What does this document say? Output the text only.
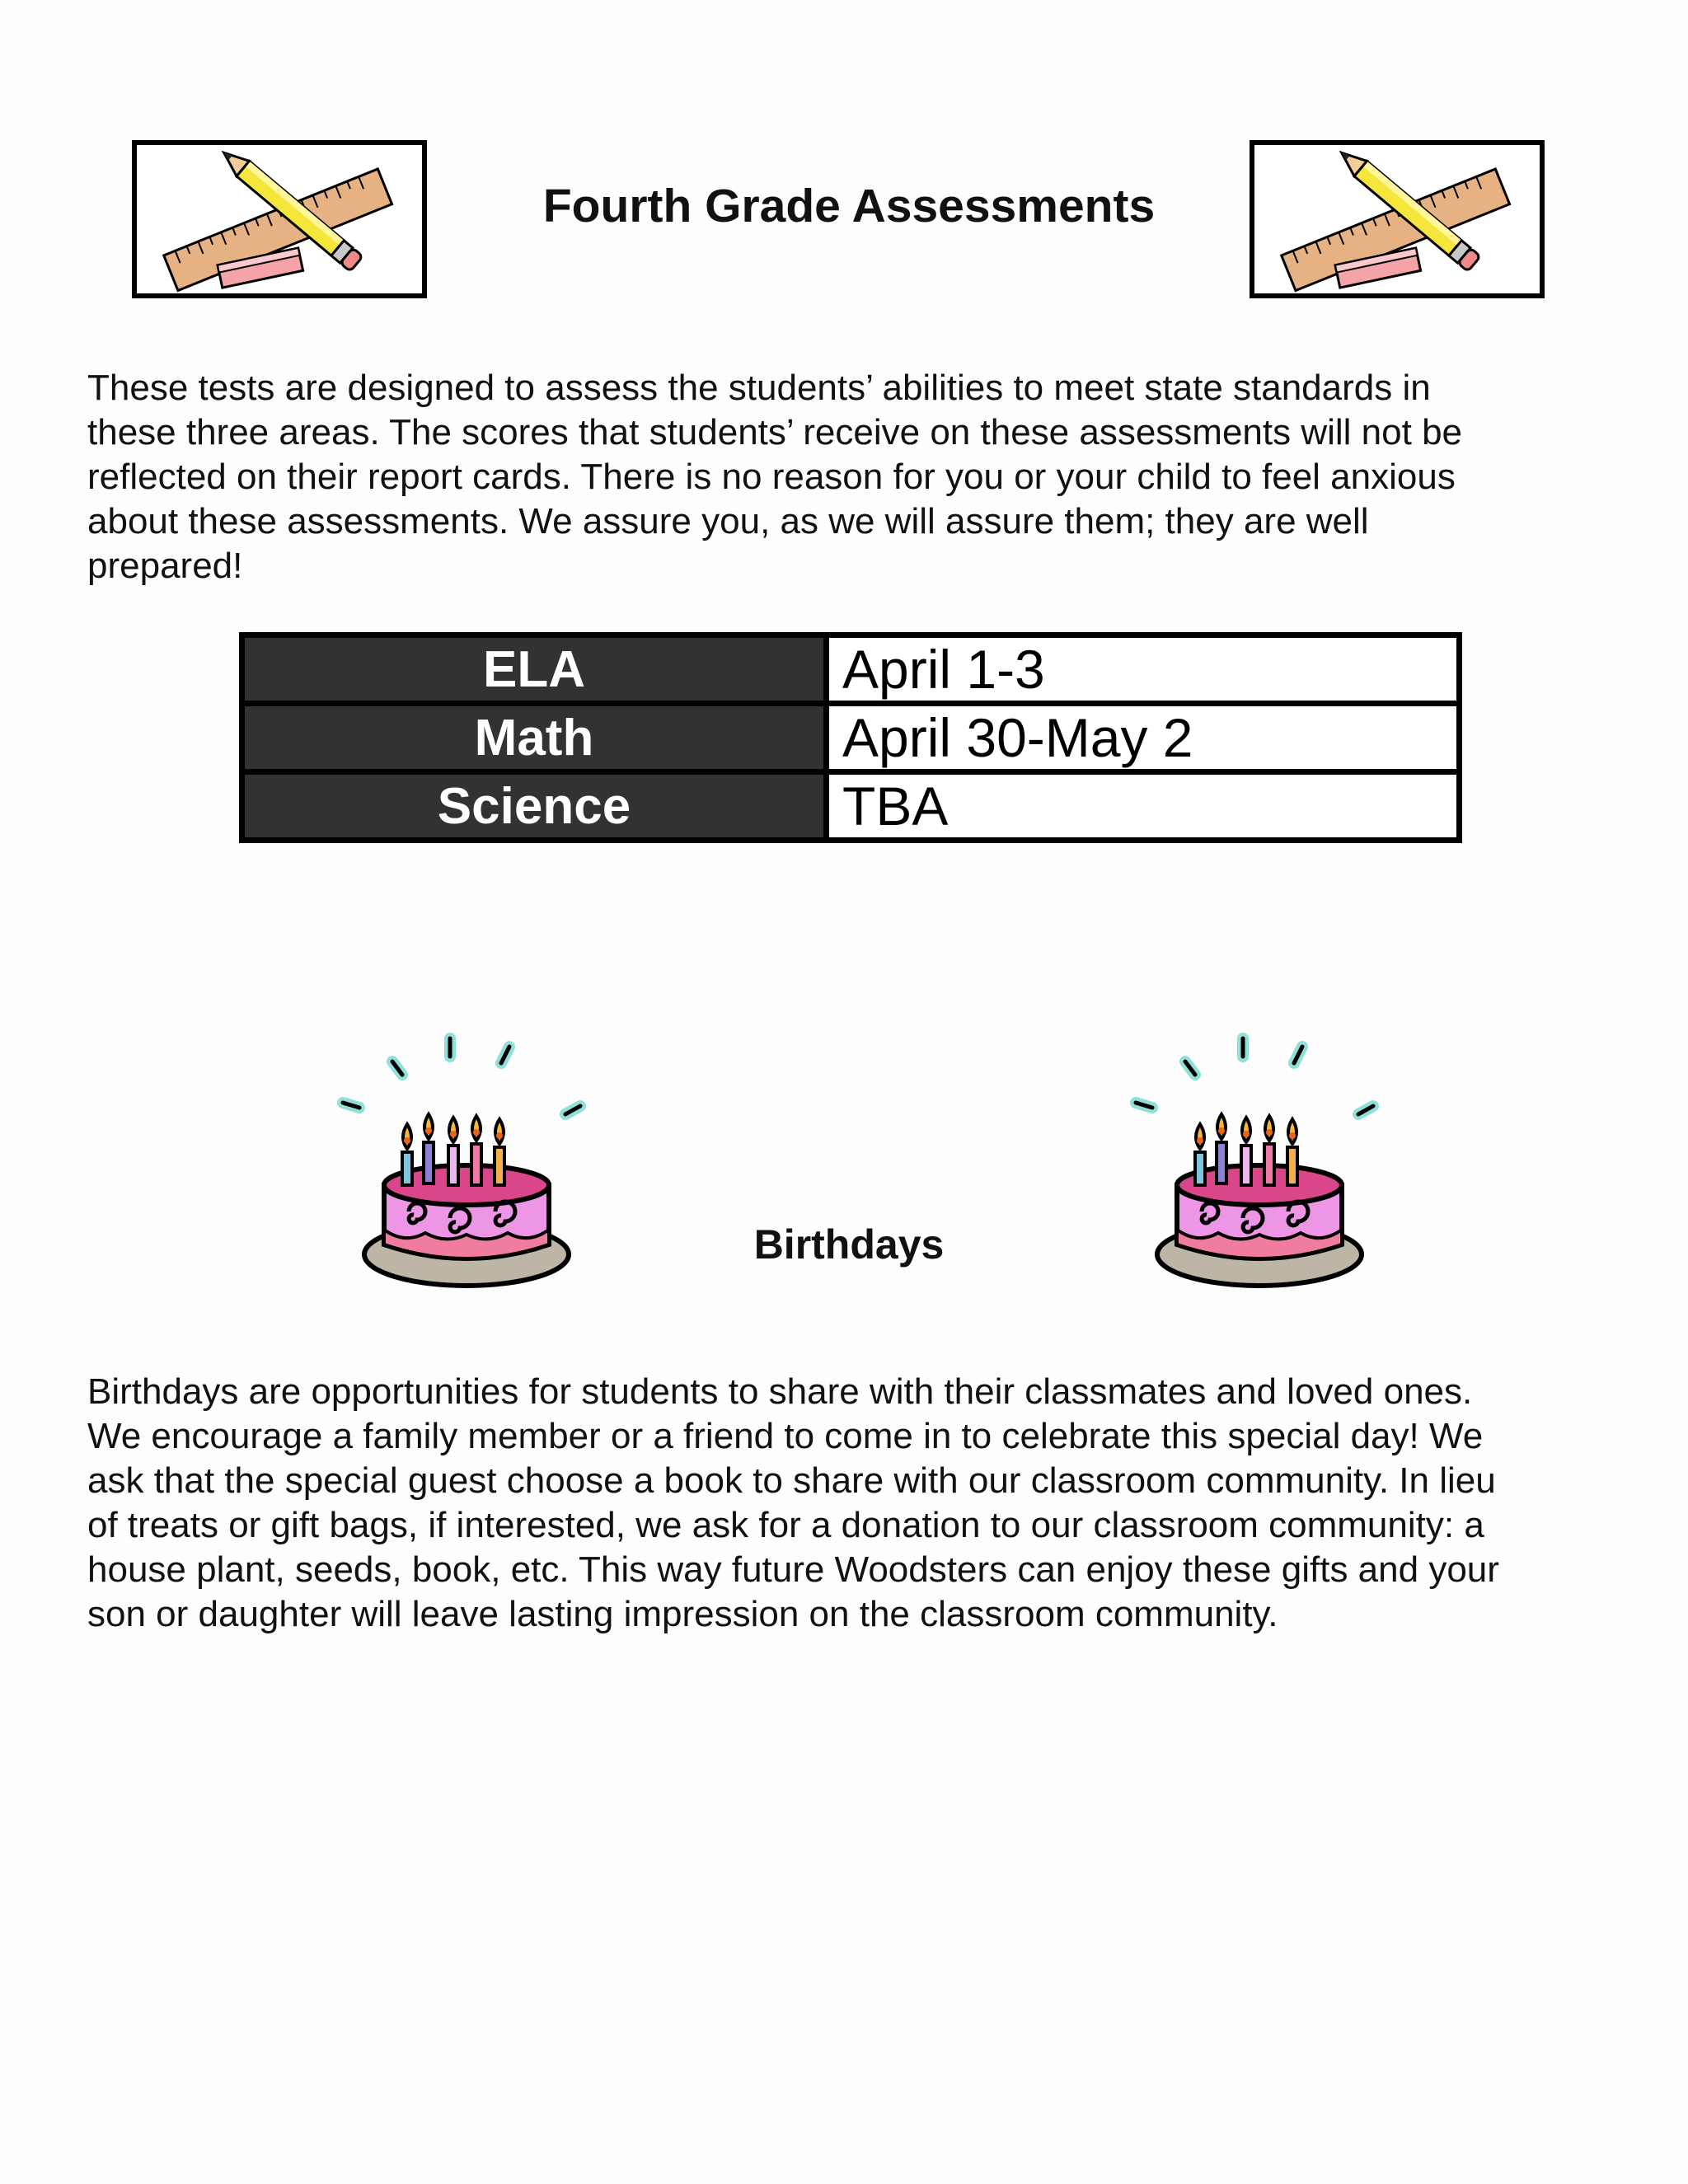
Fourth Grade Assessments

These tests are designed to assess the students’ abilities to meet state standards in
these three areas. The scores that students’ receive on these assessments will not be
reflected on their report cards. There is no reason for you or your child to feel anxious
about these assessments. We assure you, as we will assure them; they are well
prepared!

ELA	April 1-3
Math	April 30-May 2
Science	TBA
Birthdays

Birthdays are opportunities for students to share with their classmates and loved ones.
We encourage a family member or a friend to come in to celebrate this special day! We
ask that the special guest choose a book to share with our classroom community. In lieu
of treats or gift bags, if interested, we ask for a donation to our classroom community: a
house plant, seeds, book, etc. This way future Woodsters can enjoy these gifts and your
son or daughter will leave lasting impression on the classroom community.
